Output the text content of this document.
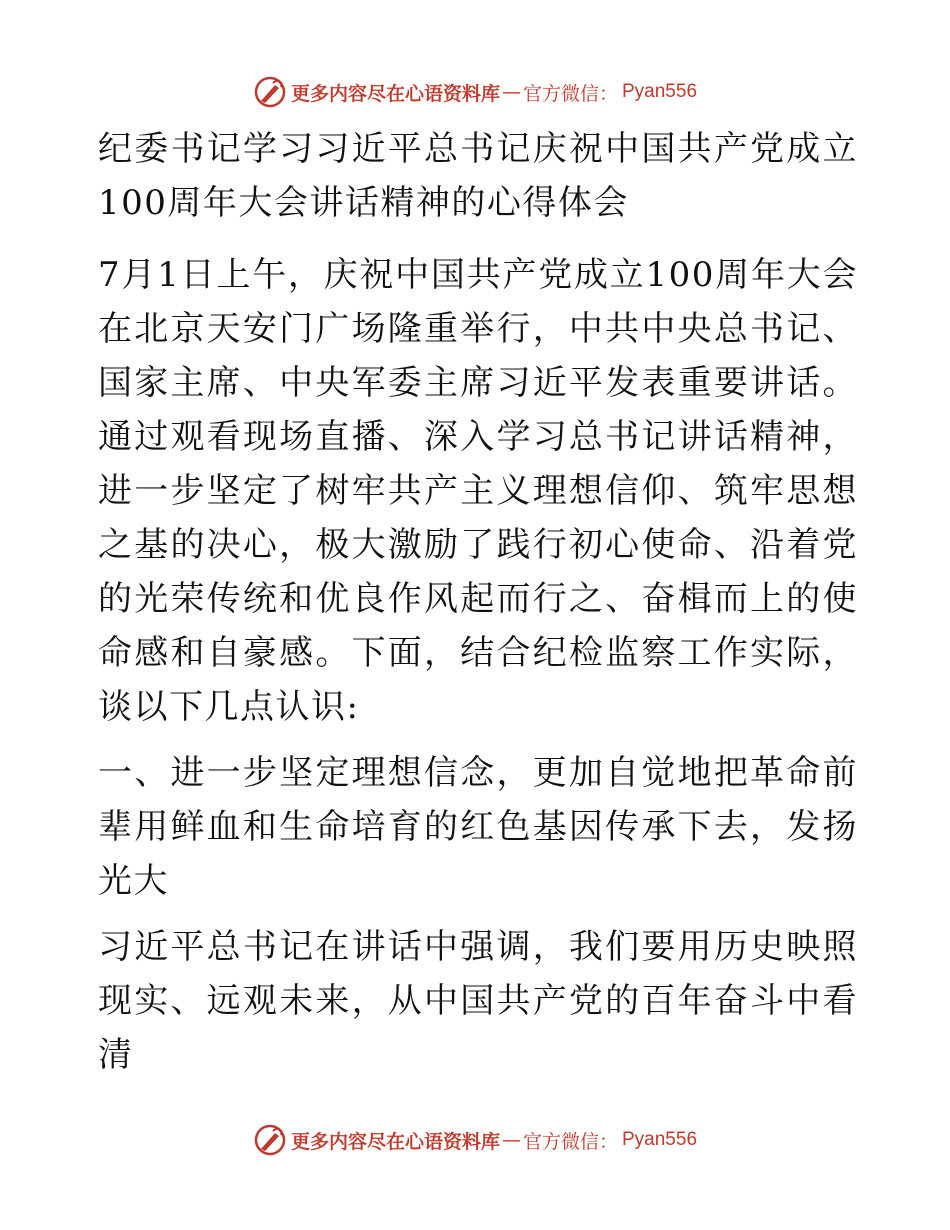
更多内容尽在心语资料库 — 官方微信： Pyan556

纪委书记学习习近平总书记庆祝中国共产党成立100周年大会讲话精神的心得体会

7月1日上午，庆祝中国共产党成立100周年大会在北京天安门广场隆重举行，中共中央总书记、国家主席、中央军委主席习近平发表重要讲话。通过观看现场直播、深入学习总书记讲话精神，进一步坚定了树牢共产主义理想信仰、筑牢思想之基的决心，极大激励了践行初心使命、沿着党的光荣传统和优良作风起而行之、奋楫而上的使命感和自豪感。下面，结合纪检监察工作实际，谈以下几点认识:

一、进一步坚定理想信念，更加自觉地把革命前辈用鲜血和生命培育的红色基因传承下去，发扬光大

习近平总书记在讲话中强调，我们要用历史映照现实、远观未来，从中国共产党的百年奋斗中看清

更多内容尽在心语资料库 — 官方微信： Pyan556
